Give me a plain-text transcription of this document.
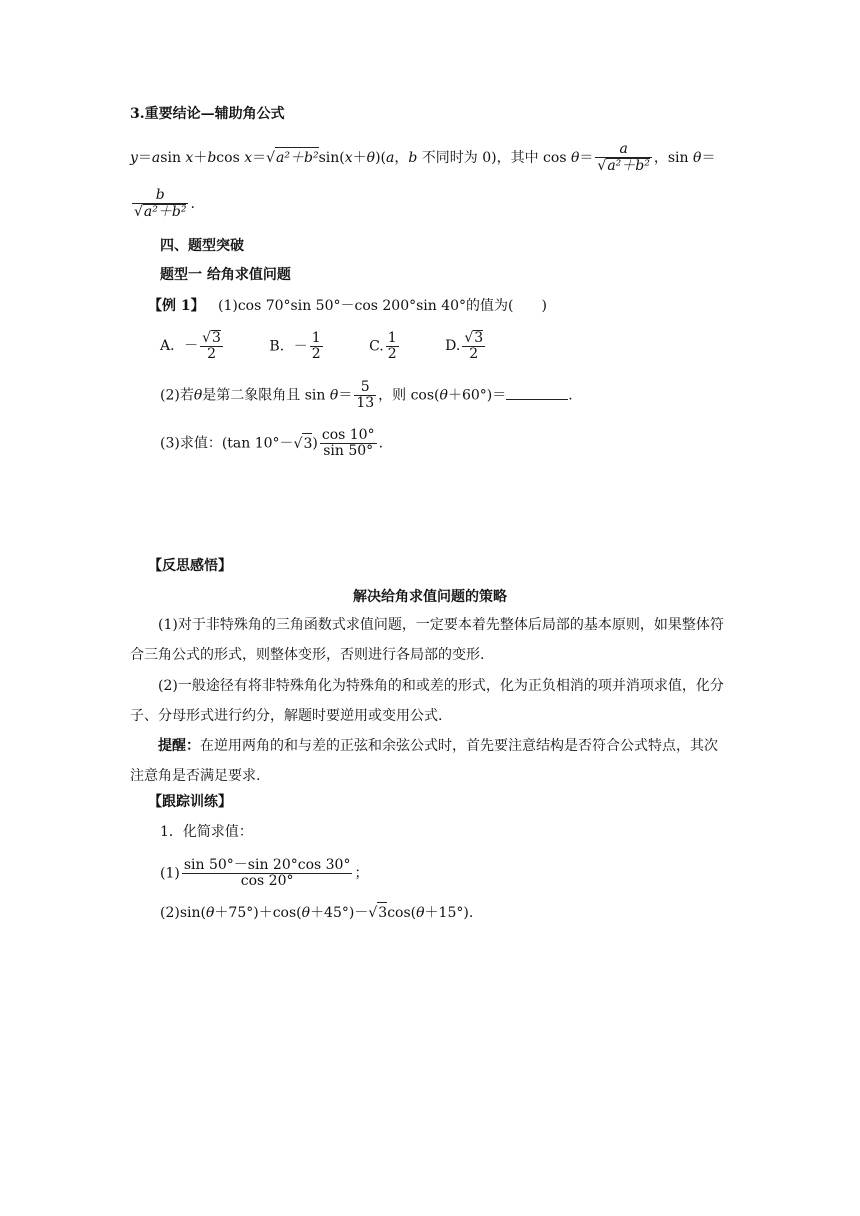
3.重要结论—辅助角公式
y＝asin x＋bcos x＝ √ a²＋b²sin(x＋θ)(a，b 不同时为 0)，其中 cos θ＝ a
√ a²＋b² ，sin θ＝
b
√ a²＋b² .
四、题型突破
题型一 给角求值问题
【例 1】 (1)cos 70°sin 50°－cos 200°sin 40°的值为(　　)
A．－ √ $\frac{3}{2}$	B．－ $\frac{1}{2}$	C. $\frac{1}{2}$	D. √ $\frac{3}{2}$
(2)若θ是第二象限角且 $\sin \theta= \frac{5}{13}$ ，则 cos(θ＋60°)＝	.
(3)求值：(tan 10°－ √ $3) \frac{\cos 10^\circ}{\sin 50^\circ}$ .
【反思感悟】
解决给角求值问题的策略
(1)对于非特殊角的三角函数式求值问题，一定要本着先整体后局部的基本原则，如果整体符合三角公式的形式，则整体变形，否则进行各局部的变形.
(2)一般途径有将非特殊角化为特殊角的和或差的形式，化为正负相消的项并消项求值，化分子、分母形式进行约分，解题时要逆用或变用公式.
提醒：在逆用两角的和与差的正弦和余弦公式时，首先要注意结构是否符合公式特点，其次注意角是否满足要求.
【跟踪训练】
1．化简求值：
$(1) \frac{\sin 50^\circ-\sin 20^\circ\cos 30^\circ}{\cos 20^\circ}$ ；
(2)sin(θ＋75°)＋cos(θ＋45°)－ √ 3cos(θ＋15°).
